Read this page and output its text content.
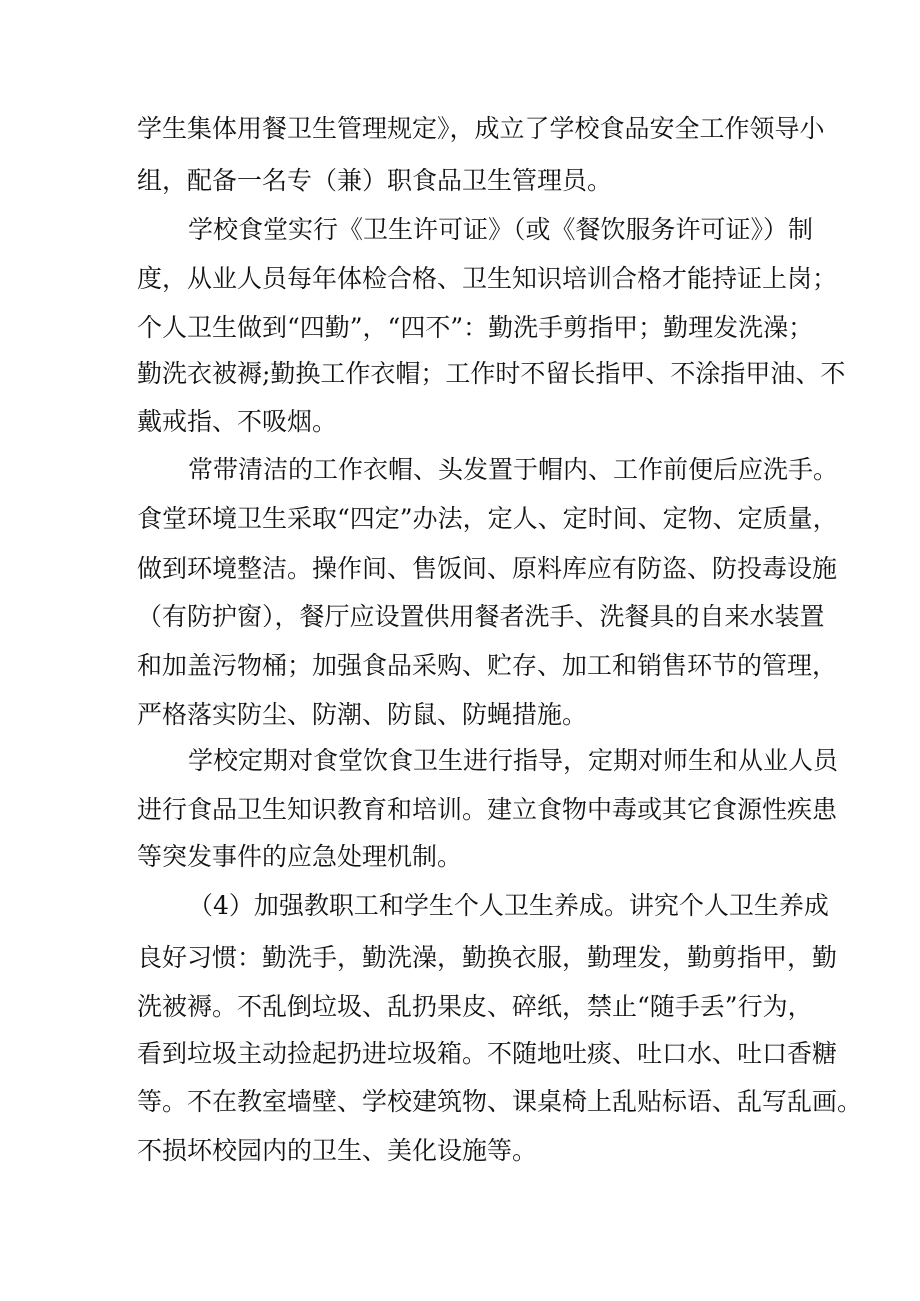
学生集体用餐卫生管理规定》，成立了学校食品安全工作领导小
组，配备一名专（兼）职食品卫生管理员。
学校食堂实行《卫生许可证》（或《餐饮服务许可证》）制
度，从业人员每年体检合格、卫生知识培训合格才能持证上岗；
个人卫生做到“四勤”，“四不”：勤洗手剪指甲；勤理发洗澡；
勤洗衣被褥;勤换工作衣帽；工作时不留长指甲、不涂指甲油、不
戴戒指、不吸烟。
常带清洁的工作衣帽、头发置于帽内、工作前便后应洗手。
食堂环境卫生采取“四定”办法，定人、定时间、定物、定质量，
做到环境整洁。操作间、售饭间、原料库应有防盗、防投毒设施
（有防护窗），餐厅应设置供用餐者洗手、洗餐具的自来水装置
和加盖污物桶；加强食品采购、贮存、加工和销售环节的管理，
严格落实防尘、防潮、防鼠、防蝇措施。
学校定期对食堂饮食卫生进行指导，定期对师生和从业人员
进行食品卫生知识教育和培训。建立食物中毒或其它食源性疾患
等突发事件的应急处理机制。
（4）加强教职工和学生个人卫生养成。讲究个人卫生养成
良好习惯：勤洗手，勤洗澡，勤换衣服，勤理发，勤剪指甲，勤
洗被褥。不乱倒垃圾、乱扔果皮、碎纸，禁止“随手丢”行为，
看到垃圾主动捡起扔进垃圾箱。不随地吐痰、吐口水、吐口香糖
等。不在教室墙壁、学校建筑物、课桌椅上乱贴标语、乱写乱画。
不损坏校园内的卫生、美化设施等。
